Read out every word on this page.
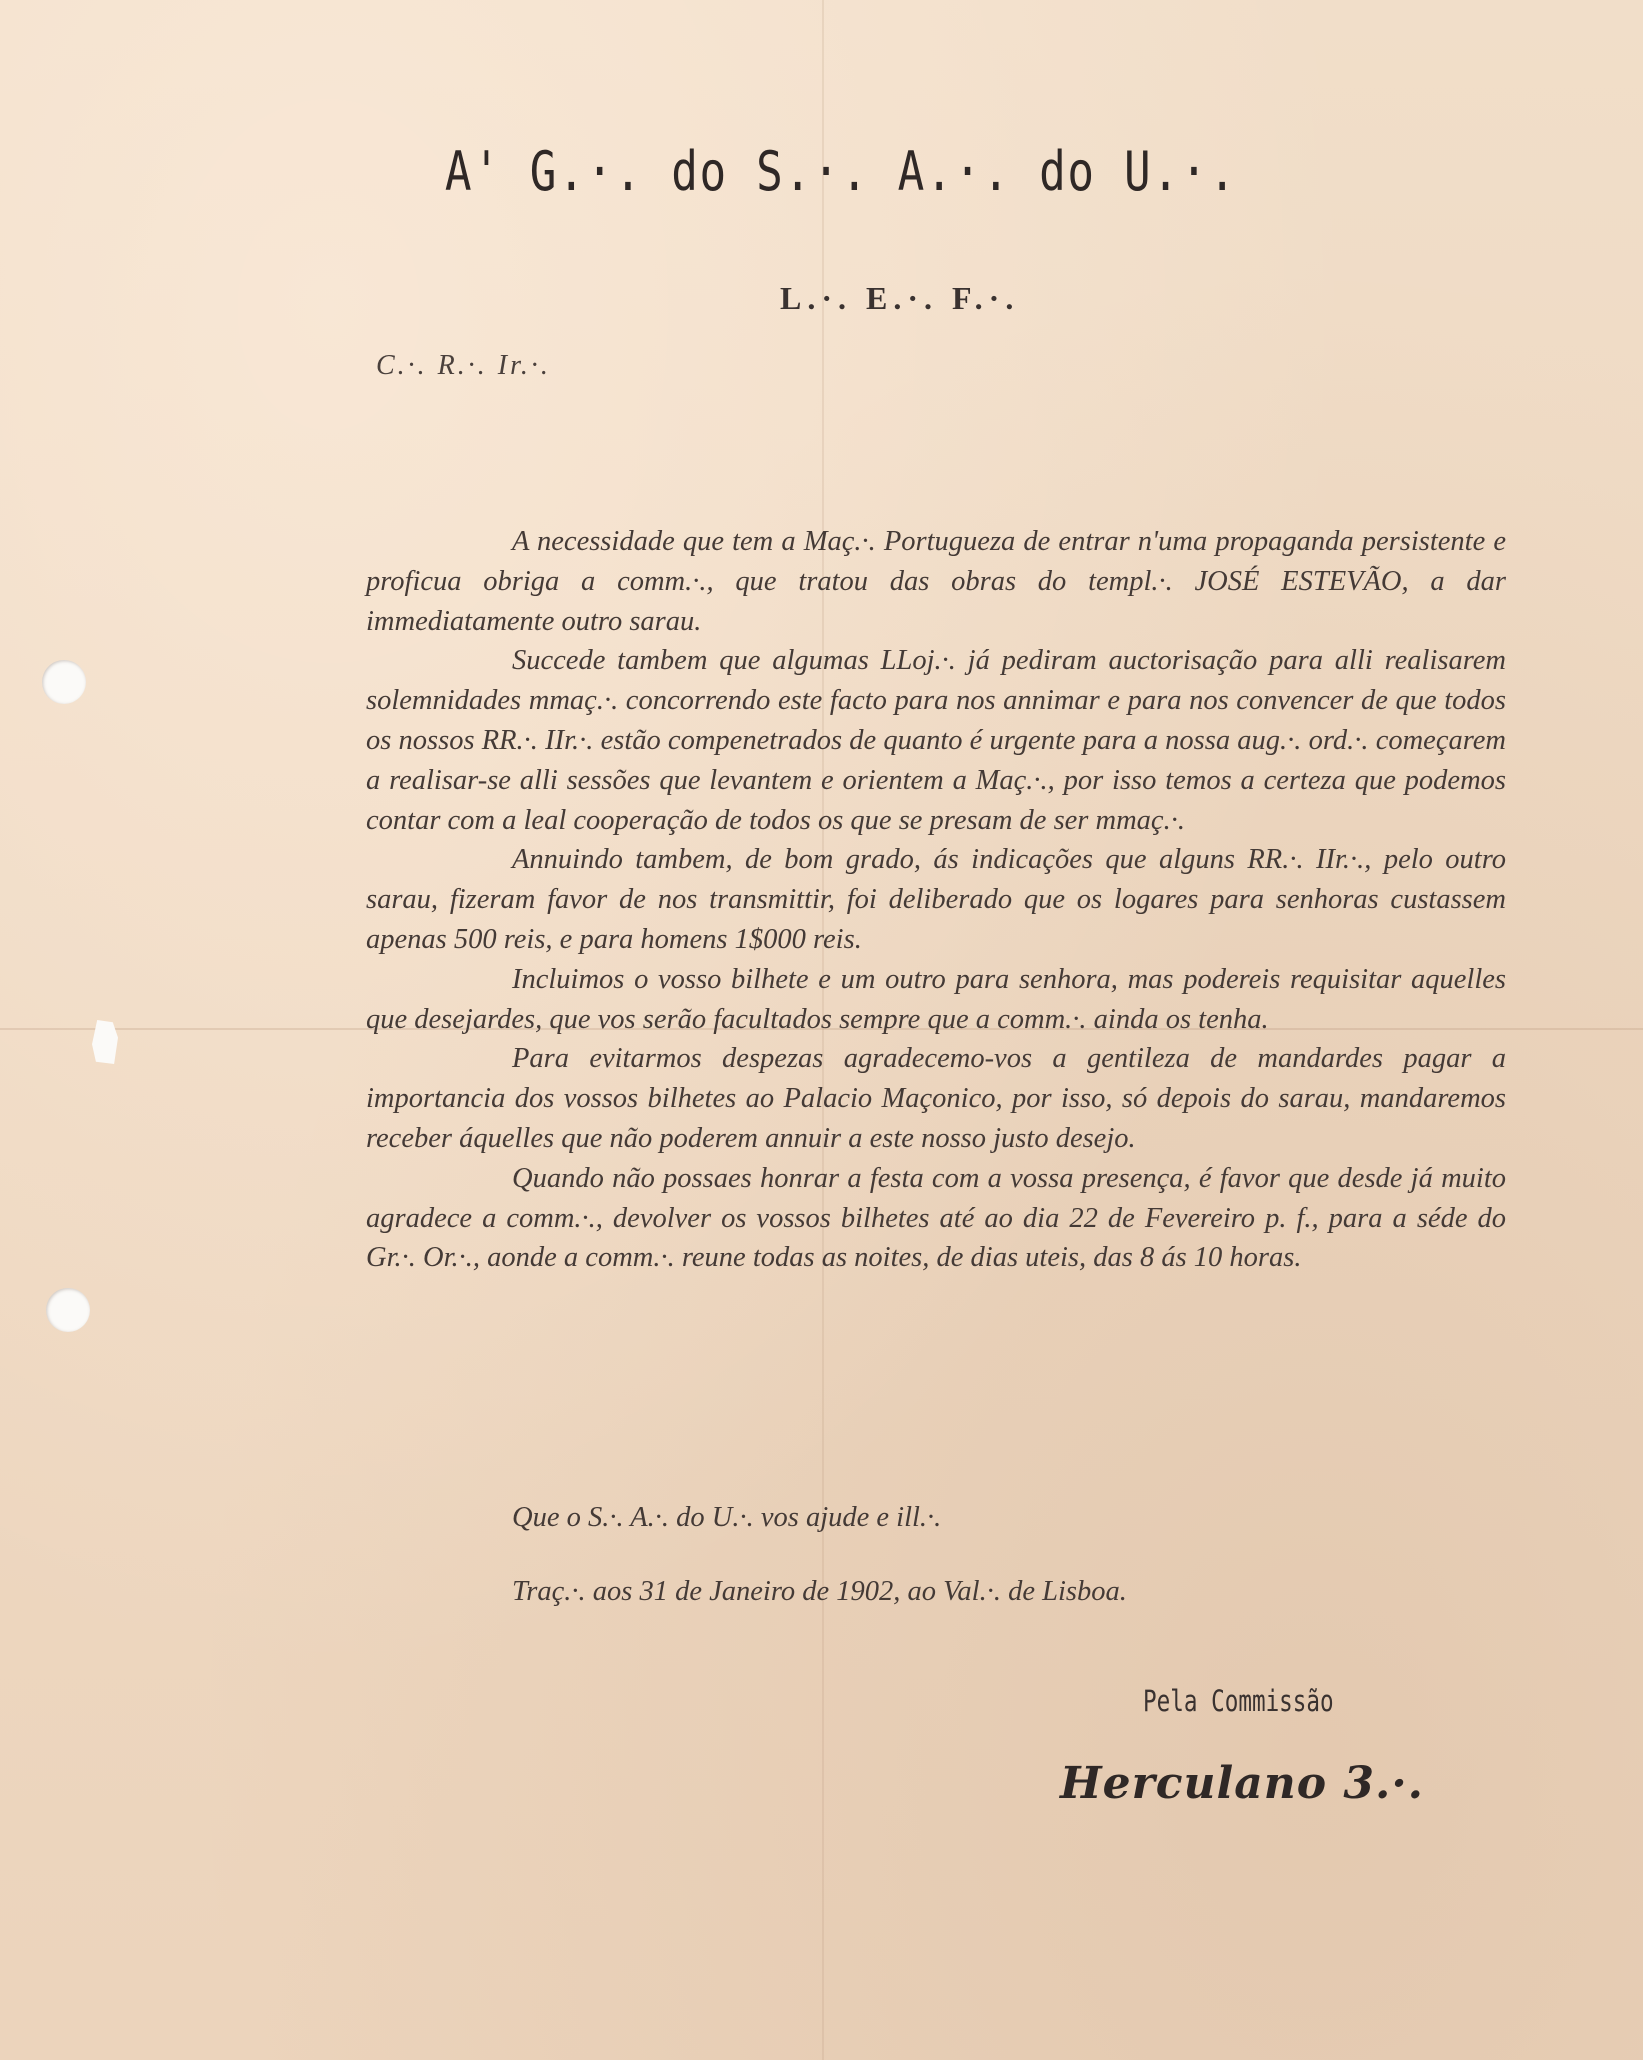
A' G.·. do S.·. A.·. do U.·.
L.·. E.·. F.·.
C.·. R.·. Ir.·.

A necessidade que tem a Maç.·. Portugueza de entrar n'uma propaganda persistente e proficua obriga a comm.·., que tratou das obras do templ.·. JOSÉ ESTEVÃO, a dar immediatamente outro sarau.

Succede tambem que algumas LLoj.·. já pediram auctorisação para alli realisarem solemnidades mmaç.·. concorrendo este facto para nos annimar e para nos convencer de que todos os nossos RR.·. IIr.·. estão compenetrados de quanto é urgente para a nossa aug.·. ord.·. começarem a realisar-se alli sessões que levantem e orientem a Maç.·., por isso temos a certeza que podemos contar com a leal cooperação de todos os que se presam de ser mmaç.·.

Annuindo tambem, de bom grado, ás indicações que alguns RR.·. IIr.·., pelo outro sarau, fizeram favor de nos transmittir, foi deliberado que os logares para senhoras custassem apenas 500 reis, e para homens 1$000 reis.

Incluimos o vosso bilhete e um outro para senhora, mas podereis requisitar aquelles que desejardes, que vos serão facultados sempre que a comm.·. ainda os tenha.

Para evitarmos despezas agradecemo-vos a gentileza de mandardes pagar a importancia dos vossos bilhetes ao Palacio Maçonico, por isso, só depois do sarau, mandaremos receber áquelles que não poderem annuir a este nosso justo desejo.

Quando não possaes honrar a festa com a vossa presença, é favor que desde já muito agradece a comm.·., devolver os vossos bilhetes até ao dia 22 de Fevereiro p. f., para a séde do Gr.·. Or.·., aonde a comm.·. reune todas as noites, de dias uteis, das 8 ás 10 horas.

Que o S.·. A.·. do U.·. vos ajude e ill.·.
Traç.·. aos 31 de Janeiro de 1902, ao Val.·. de Lisboa.
Pela Commissão
Herculano 3.·.
